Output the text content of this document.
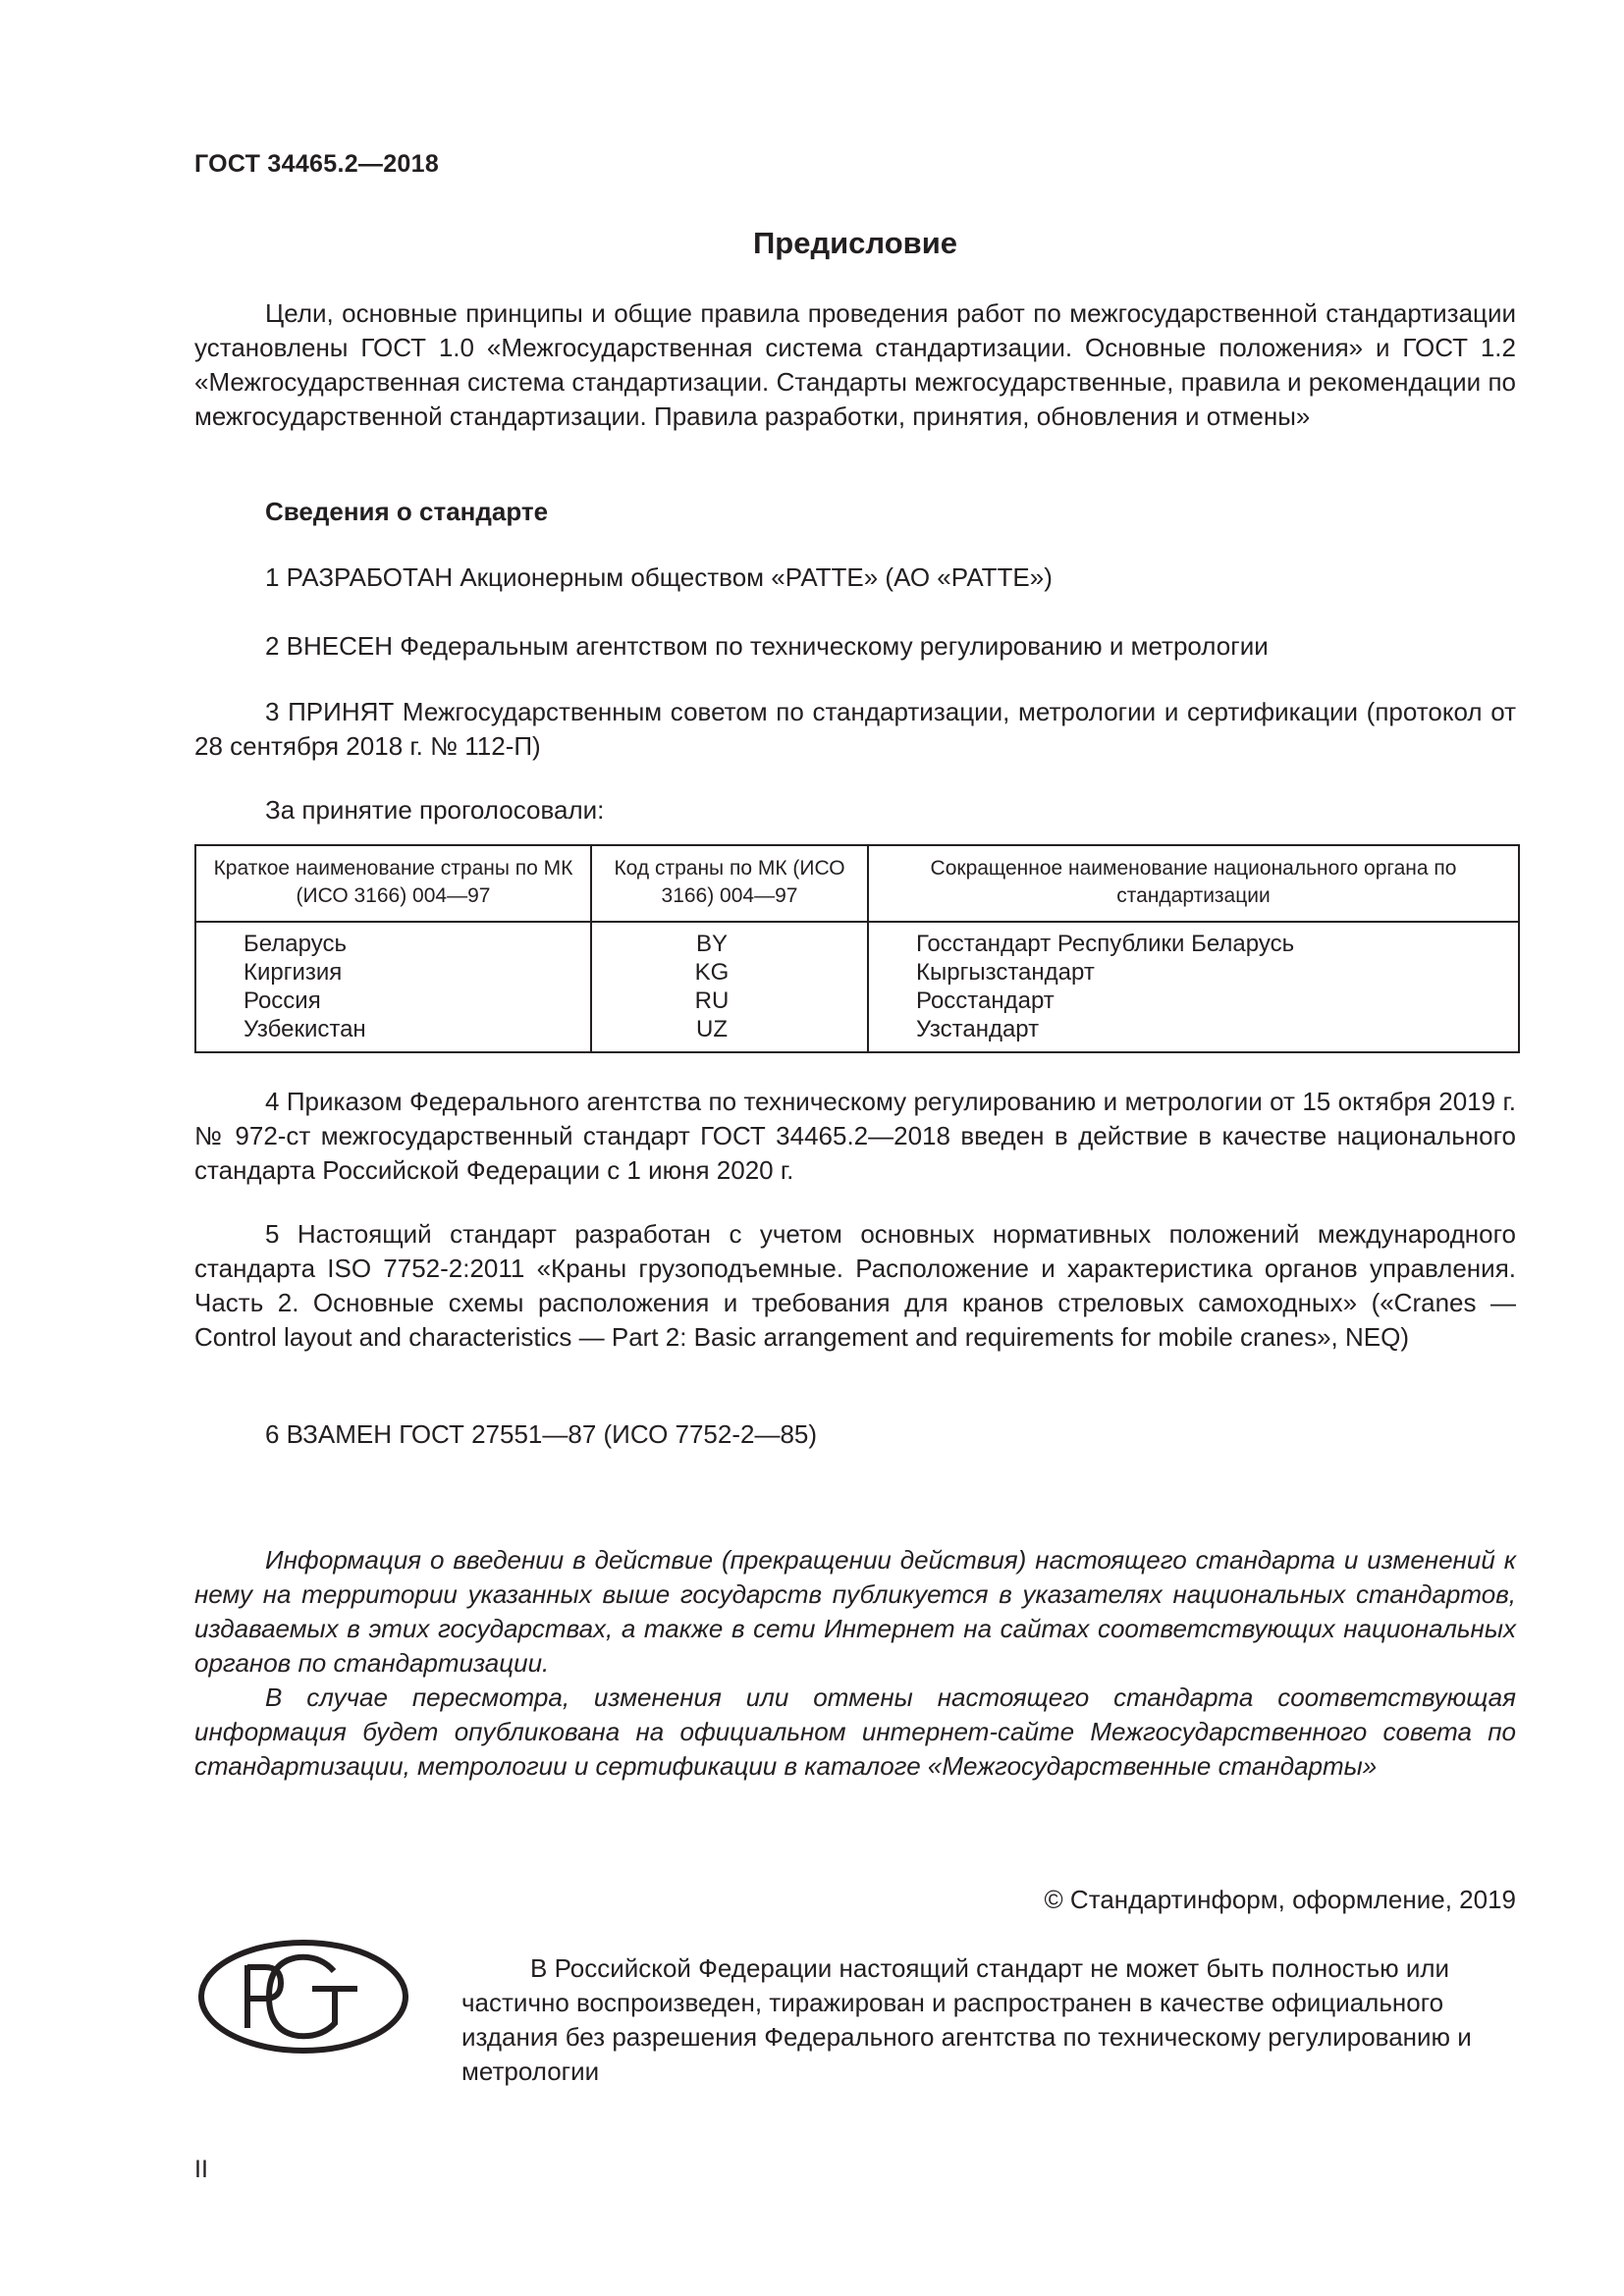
ГОСТ 34465.2—2018
Предисловие
Цели, основные принципы и общие правила проведения работ по межгосударственной стандартизации установлены ГОСТ 1.0 «Межгосударственная система стандартизации. Основные положения» и ГОСТ 1.2 «Межгосударственная система стандартизации. Стандарты межгосударственные, правила и рекомендации по межгосударственной стандартизации. Правила разработки, принятия, обновления и отмены»
Сведения о стандарте
1 РАЗРАБОТАН Акционерным обществом «РАТТЕ» (АО «РАТТЕ»)
2 ВНЕСЕН Федеральным агентством по техническому регулированию и метрологии
3 ПРИНЯТ Межгосударственным советом по стандартизации, метрологии и сертификации (протокол от 28 сентября 2018 г. № 112-П)
За принятие проголосовали:
Краткое наименование страны по МК (ИСО 3166) 004—97	Код страны по МК (ИСО 3166) 004—97	Сокращенное наименование национального органа по стандартизации

Беларусь	BY	Госстандарт Республики Беларусь
Киргизия	KG	Кыргызстандарт
Россия	RU	Росстандарт
Узбекистан	UZ	Узстандарт
4 Приказом Федерального агентства по техническому регулированию и метрологии от 15 октября 2019 г. № 972-ст межгосударственный стандарт ГОСТ 34465.2—2018 введен в действие в качестве национального стандарта Российской Федерации с 1 июня 2020 г.
5 Настоящий стандарт разработан с учетом основных нормативных положений международного стандарта ISO 7752-2:2011 «Краны грузоподъемные. Расположение и характеристика органов управления. Часть 2. Основные схемы расположения и требования для кранов стреловых самоходных» («Cranes — Control layout and characteristics — Part 2: Basic arrangement and requirements for mobile cranes», NEQ)
6 ВЗАМЕН ГОСТ 27551—87 (ИСО 7752-2—85)
Информация о введении в действие (прекращении действия) настоящего стандарта и изменений к нему на территории указанных выше государств публикуется в указателях национальных стандартов, издаваемых в этих государствах, а также в сети Интернет на сайтах соответствующих национальных органов по стандартизации.
В случае пересмотра, изменения или отмены настоящего стандарта соответствующая информация будет опубликована на официальном интернет-сайте Межгосударственного совета по стандартизации, метрологии и сертификации в каталоге «Межгосударственные стандарты»
© Стандартинформ, оформление, 2019
В Российской Федерации настоящий стандарт не может быть полностью или частично воспроизведен, тиражирован и распространен в качестве официального издания без разрешения Федерального агентства по техническому регулированию и метрологии
II
